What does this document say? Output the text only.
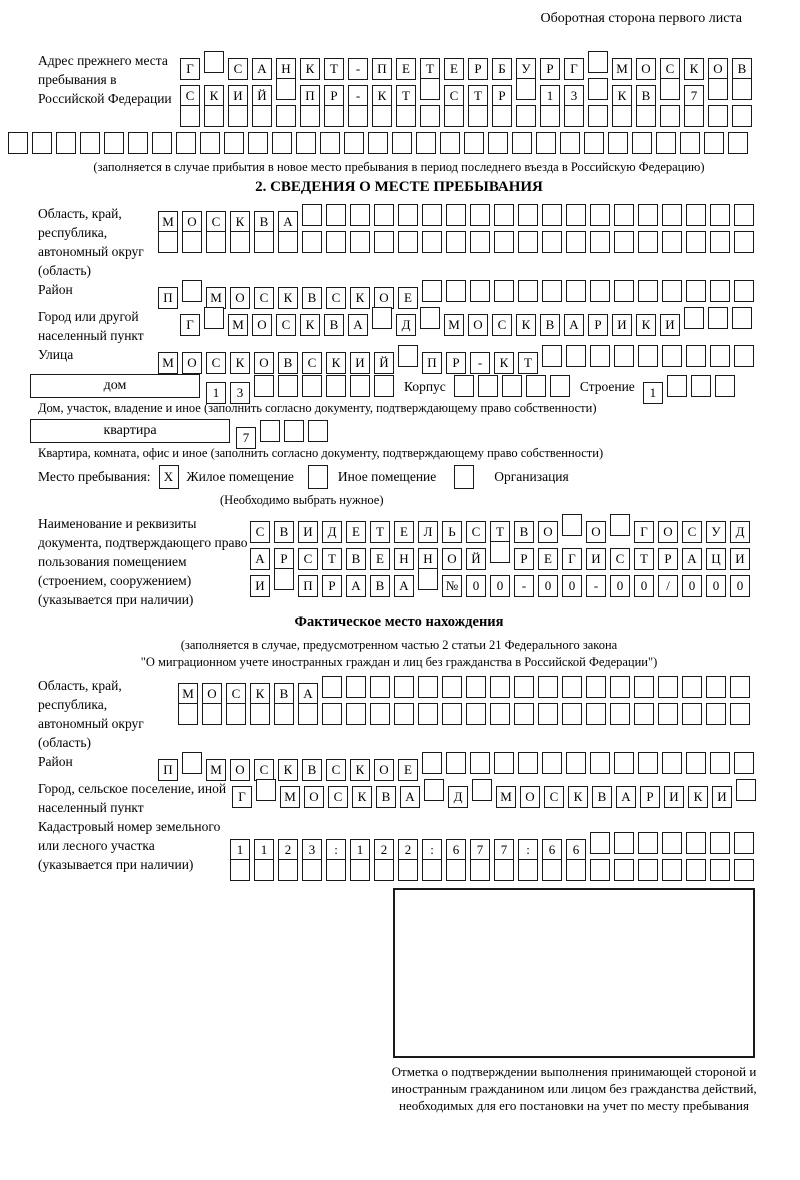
Оборотная сторона первого листа
Адрес прежнего места пребывания в Российской Федерации
Г	С А Н К Т - П Е Т Е Р Б У Р Г	М О С К О В
С К И Й	П Р - К Т	С Т Р	1 3	К В	7
(заполняется в случае прибытия в новое место пребывания в период последнего въезда в Российскую Федерацию)
2. СВЕДЕНИЯ О МЕСТЕ ПРЕБЫВАНИЯ
Область, край, республика, автономный округ (область)
М О С К В А
Район
П	М О С К В С К О Е
Город или другой населенный пункт
Г	М О С К В А	Д	М О С К В А Р И К И
Улица
М О С К О В С К И Й	П Р - К Т
дом	1 3	Корпус	Строение	1
Дом, участок, владение и иное (заполнить согласно документу, подтверждающему право собственности)
квартира	7
Квартира, комната, офис и иное (заполнить согласно документу, подтверждающему право собственности)
Место пребывания:	X Жилое помещение	Иное помещение	Организация
(Необходимо выбрать нужное)
Наименование и реквизиты документа, подтверждающего право пользования помещением (строением, сооружением) (указывается при наличии)
С В И Д Е Т Е Л Ь С Т В О	О	Г О С У Д
А Р С Т В Е Н Н О Й	Р Е Г И С Т Р А Ц И
И	П Р А В А	№ 0 0 - 0 0 - 0 0 / 0 0 0
Фактическое место нахождения
(заполняется в случае, предусмотренном частью 2 статьи 21 Федерального закона
"О миграционном учете иностранных граждан и лиц без гражданства в Российской Федерации")
Область, край, республика, автономный округ (область)
М О С К В А
Район
П	М О С К В С К О Е
Город, сельское поселение, иной населенный пункт
Г	М О С К В А	Д	М О С К В А Р И К И
Кадастровый номер земельного или лесного участка (указывается при наличии)
1 1 2 3 : 1 2 2 : 6 7 7 : 6 6
Отметка о подтверждении выполнения принимающей стороной и иностранным гражданином или лицом без гражданства действий, необходимых для его постановки на учет по месту пребывания
